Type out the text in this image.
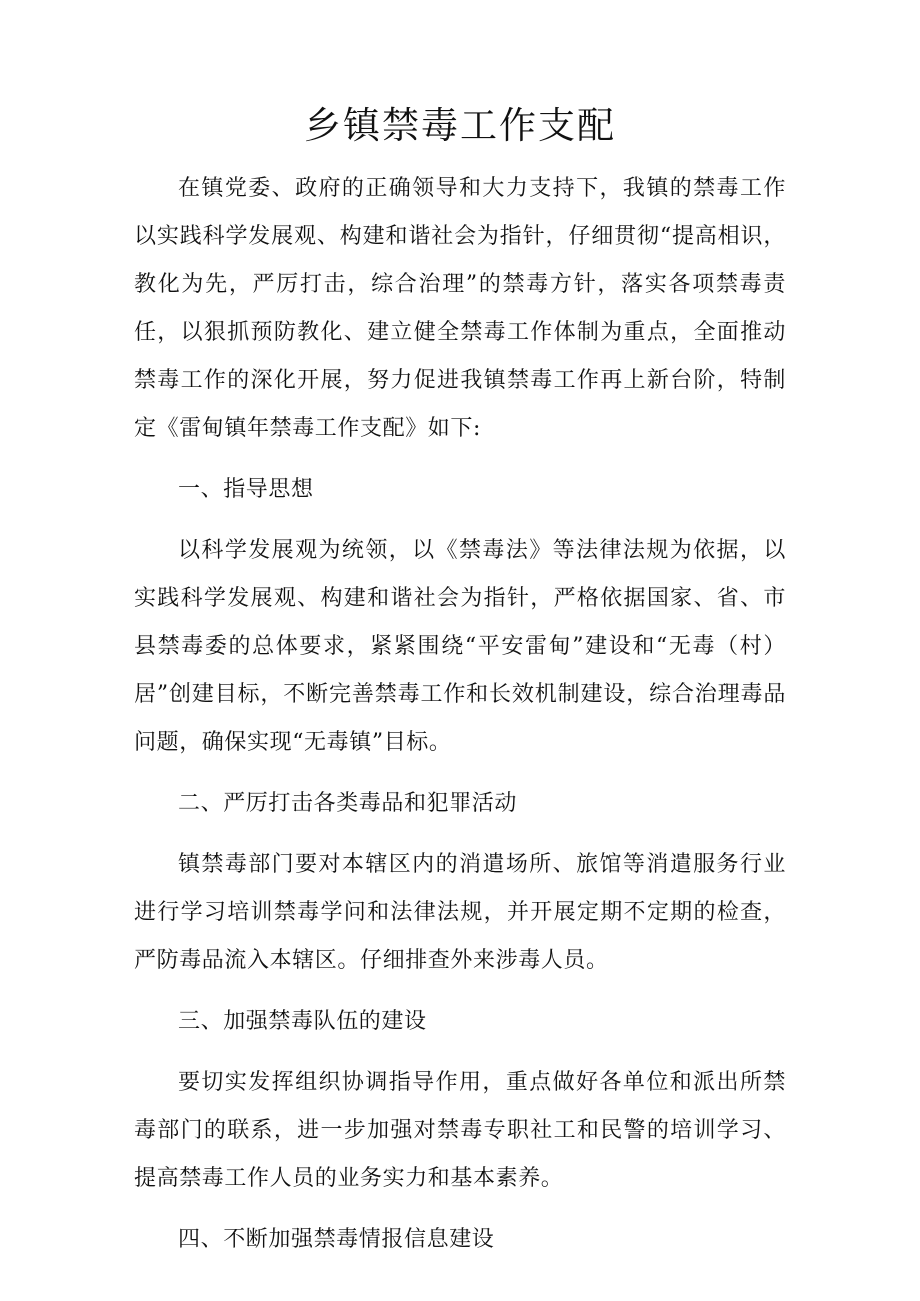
乡镇禁毒工作支配

在镇党委、政府的正确领导和大力支持下，我镇的禁毒工作以实践科学发展观、构建和谐社会为指针，仔细贯彻“提高相识，教化为先，严厉打击，综合治理”的禁毒方针，落实各项禁毒责任，以狠抓预防教化、建立健全禁毒工作体制为重点，全面推动禁毒工作的深化开展，努力促进我镇禁毒工作再上新台阶，特制定《雷甸镇年禁毒工作支配》如下:

一、指导思想

以科学发展观为统领，以《禁毒法》等法律法规为依据，以实践科学发展观、构建和谐社会为指针，严格依据国家、省、市县禁毒委的总体要求，紧紧围绕“平安雷甸”建设和“无毒（村）居”创建目标，不断完善禁毒工作和长效机制建设，综合治理毒品问题，确保实现“无毒镇”目标。

二、严厉打击各类毒品和犯罪活动

镇禁毒部门要对本辖区内的消遣场所、旅馆等消遣服务行业进行学习培训禁毒学问和法律法规，并开展定期不定期的检查，严防毒品流入本辖区。仔细排查外来涉毒人员。

三、加强禁毒队伍的建设

要切实发挥组织协调指导作用，重点做好各单位和派出所禁毒部门的联系，进一步加强对禁毒专职社工和民警的培训学习、提高禁毒工作人员的业务实力和基本素养。

四、不断加强禁毒情报信息建设
